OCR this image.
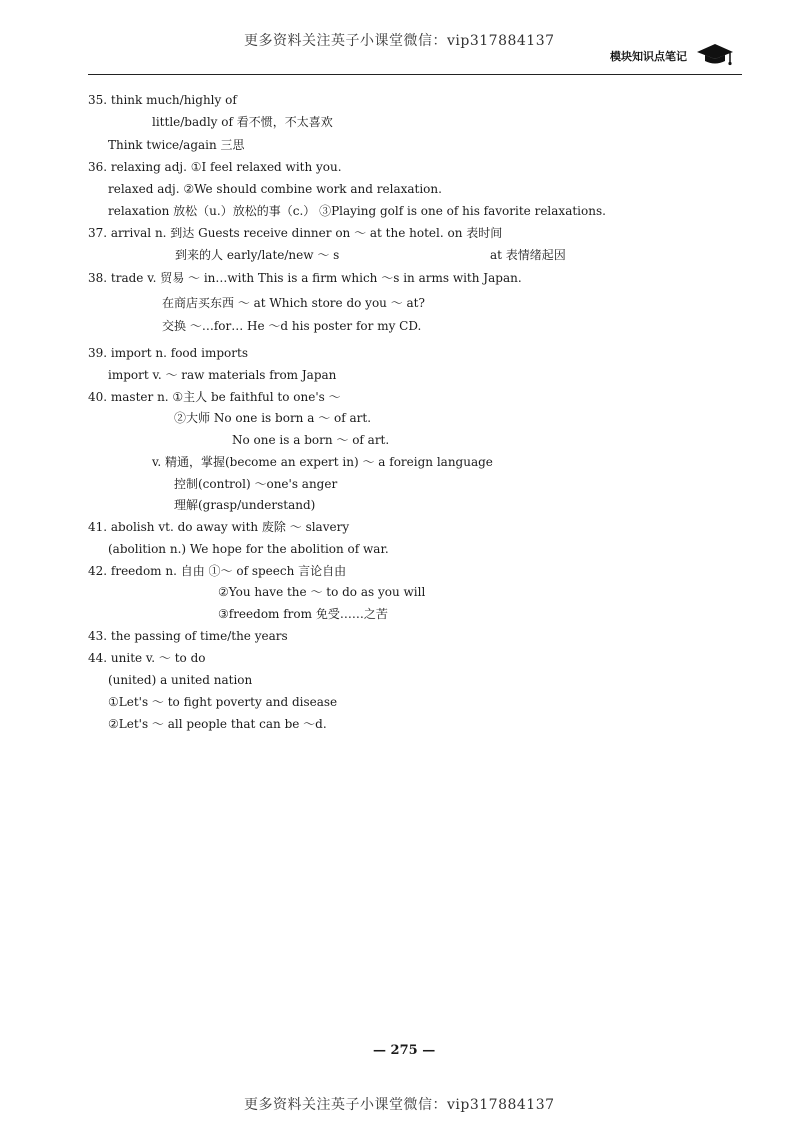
更多资料关注英子小课堂微信：vip317884137
模块知识点笔记
35. think much/highly of
little/badly of 看不惯，不太喜欢
Think twice/again 三思
36. relaxing adj. ①I feel relaxed with you.
relaxed adj. ②We should combine work and relaxation.
relaxation 放松（u.）放松的事（c.） ③Playing golf is one of his favorite relaxations.
37. arrival n. 到达 Guests receive dinner on ～ at the hotel. on 表时间
到来的人 early/late/new ～ s	at 表情绪起因
38. trade v. 贸易 ～ in…with This is a firm which ～s in arms with Japan.
在商店买东西 ～ at Which store do you ～ at?
交换 ～…for… He ～d his poster for my CD.
39. import n. food imports
import v. ～ raw materials from Japan
40. master n. ①主人 be faithful to one's ～
②大师 No one is born a ～ of art.
No one is a born ～ of art.
v. 精通，掌握(become an expert in) ～ a foreign language
控制(control) ～one's anger
理解(grasp/understand)
41. abolish vt. do away with 废除 ～ slavery
(abolition n.) We hope for the abolition of war.
42. freedom n. 自由 ①～ of speech 言论自由
②You have the ～ to do as you will
③freedom from 免受……之苦
43. the passing of time/the years
44. unite v. ～ to do
(united) a united nation
①Let's ～ to fight poverty and disease
②Let's ～ all people that can be ～d.
— 275 —
更多资料关注英子小课堂微信：vip317884137
